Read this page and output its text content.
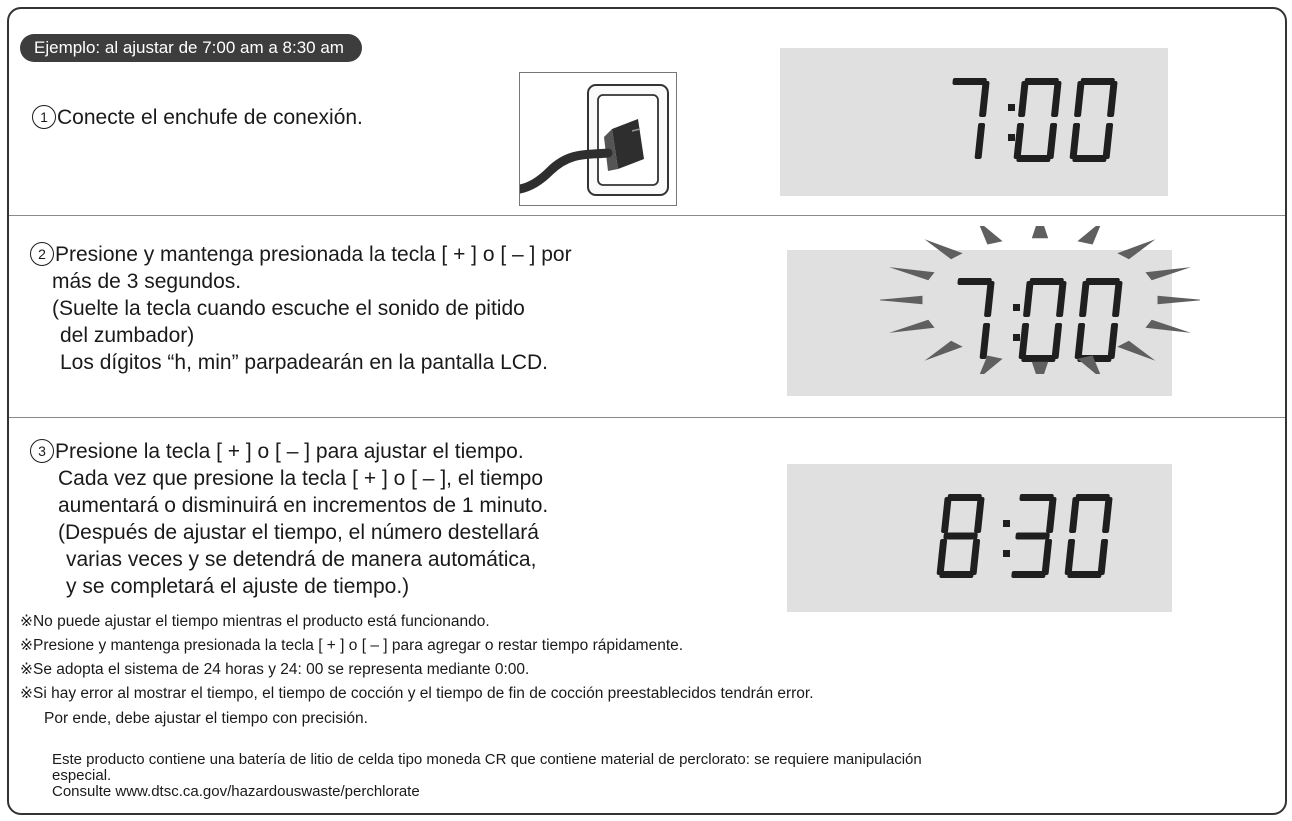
Ejemplo: al ajustar de 7:00 am a 8:30 am
1 Conecte el enchufe de conexión.
2 Presione y mantenga presionada la tecla [ + ] o [ – ] por
más de 3 segundos.
(Suelte la tecla cuando escuche el sonido de pitido
del zumbador)
Los dígitos “h, min” parpadearán en la pantalla LCD.
3 Presione la tecla [ + ] o [ – ] para ajustar el tiempo.
Cada vez que presione la tecla [ + ] o [ – ], el tiempo
aumentará o disminuirá en incrementos de 1 minuto.
(Después de ajustar el tiempo, el número destellará
varias veces y se detendrá de manera automática,
y se completará el ajuste de tiempo.)
※No puede ajustar el tiempo mientras el producto está funcionando.
※Presione y mantenga presionada la tecla [ + ] o [ – ] para agregar o restar tiempo rápidamente.
※Se adopta el sistema de 24 horas y 24: 00 se representa mediante 0:00.
※Si hay error al mostrar el tiempo, el tiempo de cocción y el tiempo de fin de cocción preestablecidos tendrán error.
Por ende, debe ajustar el tiempo con precisión.
Este producto contiene una batería de litio de celda tipo moneda CR que contiene material de perclorato: se requiere manipulación
especial.
Consulte www.dtsc.ca.gov/hazardouswaste/perchlorate
